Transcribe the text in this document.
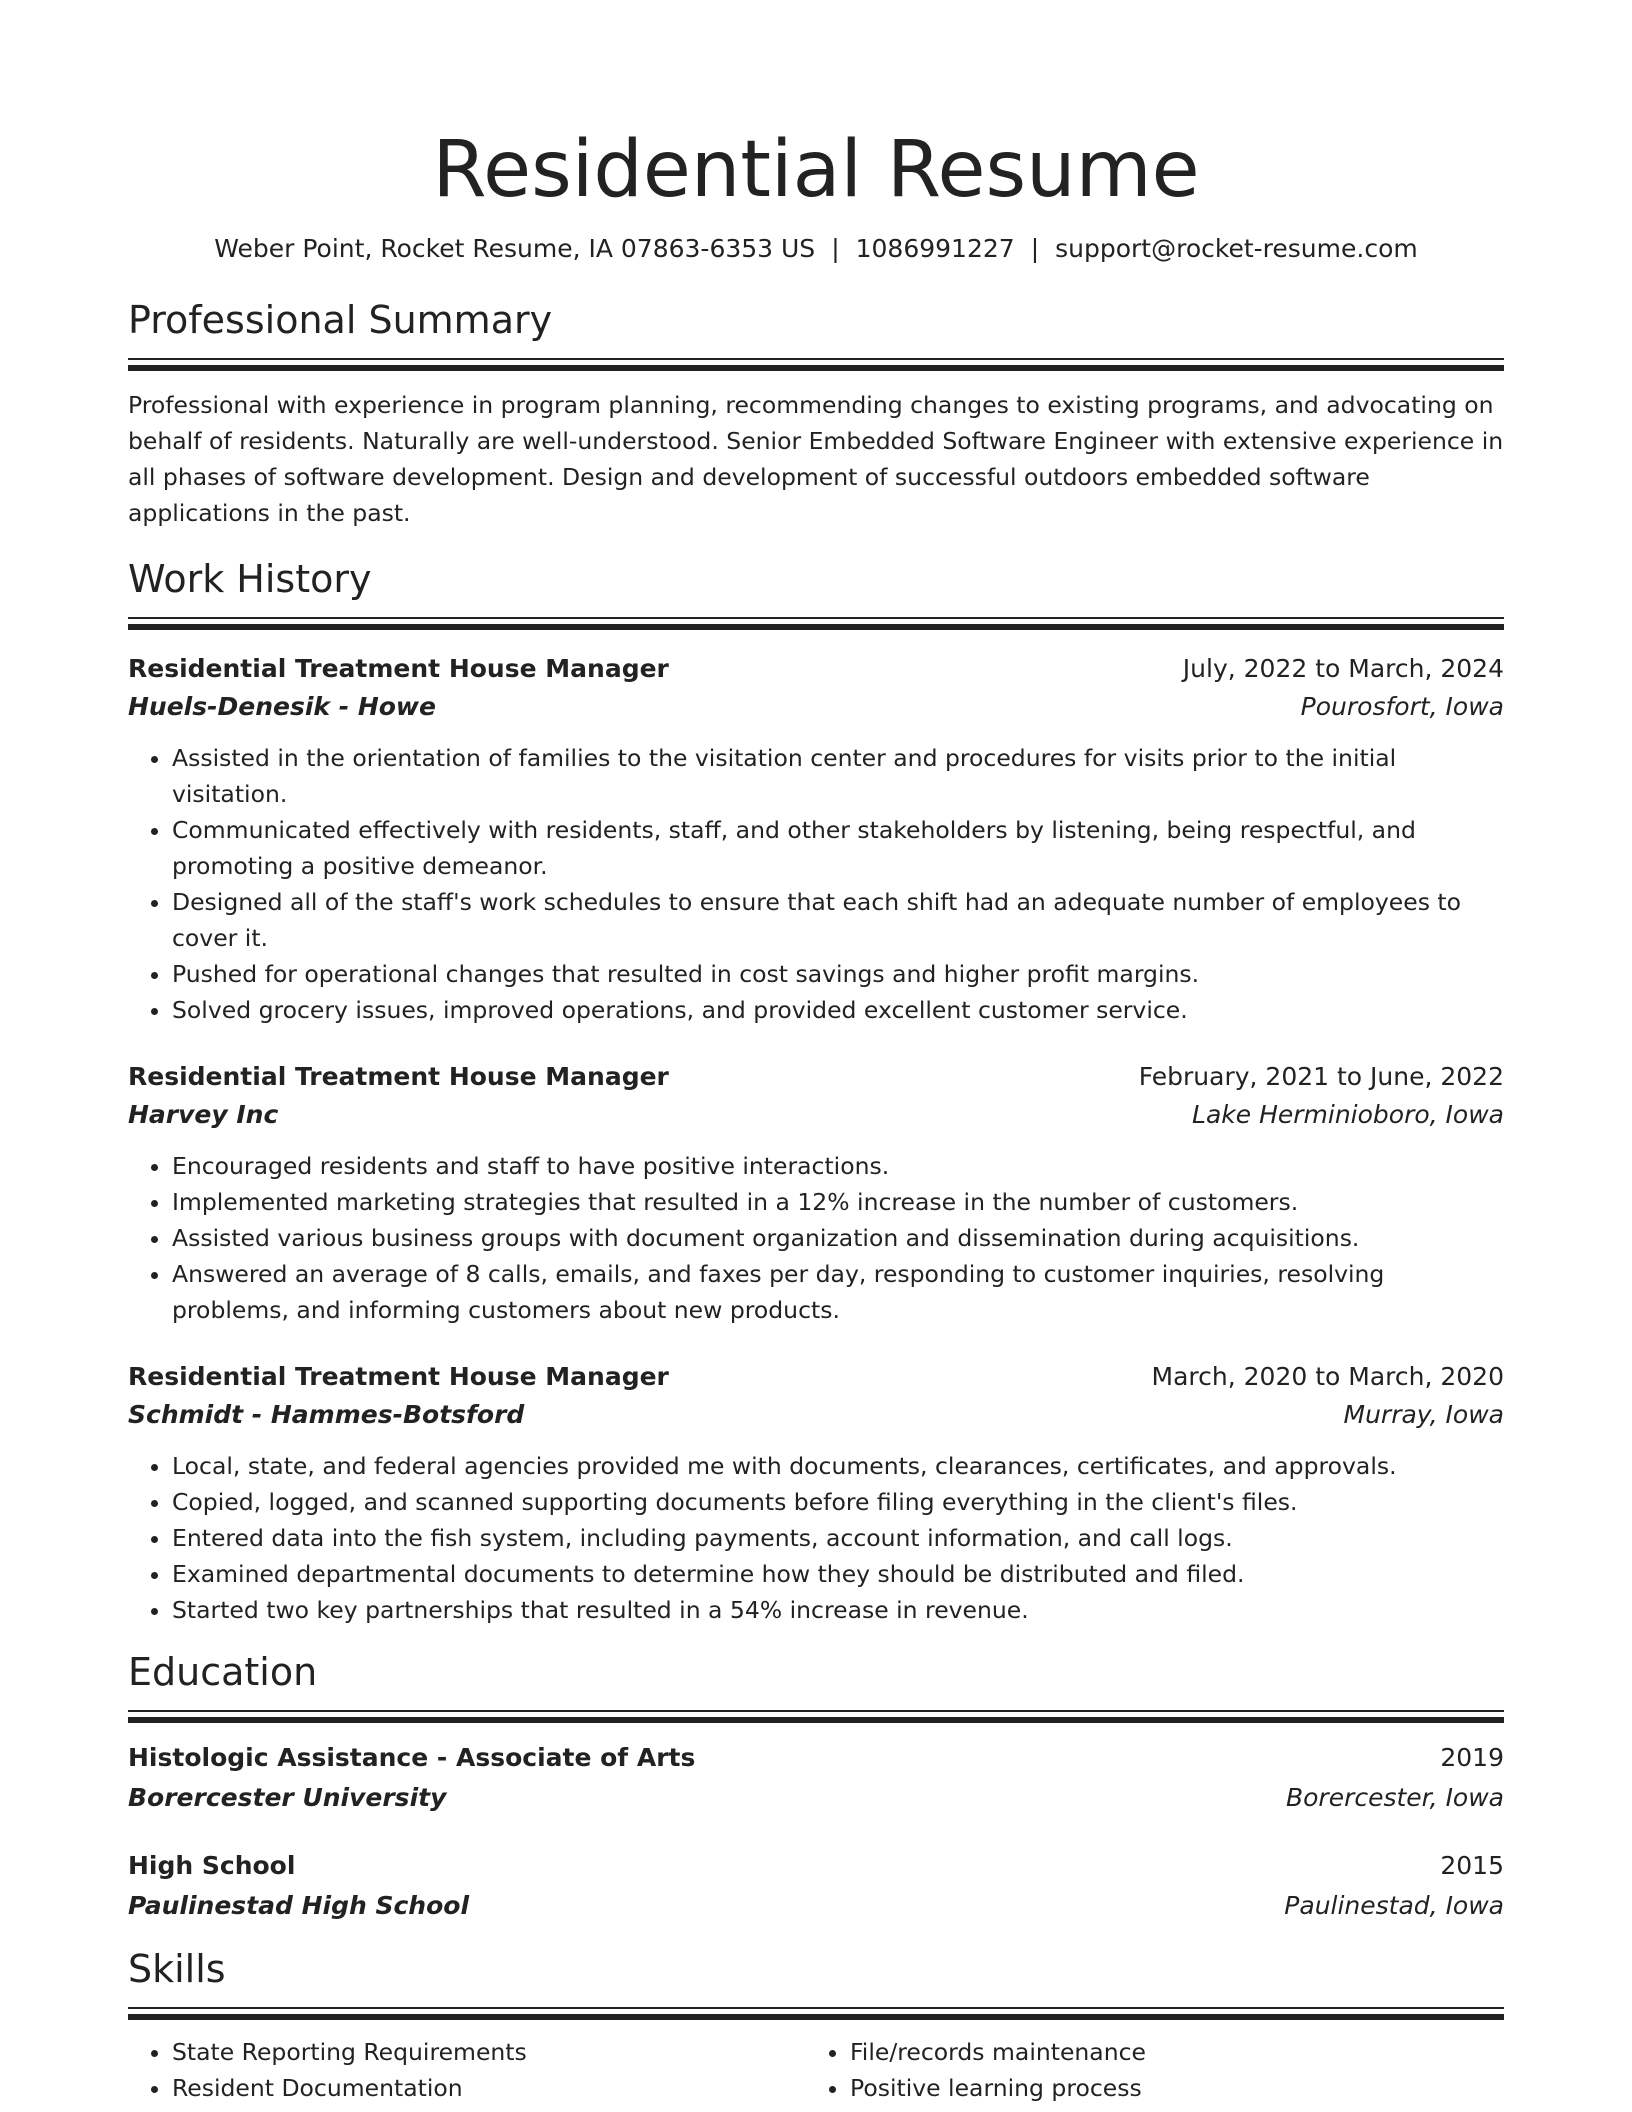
Residential Resume
Weber Point, Rocket Resume, IA 07863-6353 US | 1086991227 | support@rocket-resume.com
Professional Summary
Professional with experience in program planning, recommending changes to existing programs, and advocating on behalf of residents. Naturally are well-understood. Senior Embedded Software Engineer with extensive experience in all phases of software development. Design and development of successful outdoors embedded software applications in the past.
Work History
Residential Treatment House Manager	July, 2022 to March, 2024
Huels-Denesik - Howe	Pourosfort, Iowa
• Assisted in the orientation of families to the visitation center and procedures for visits prior to the initial visitation.
• Communicated effectively with residents, staff, and other stakeholders by listening, being respectful, and promoting a positive demeanor.
• Designed all of the staff's work schedules to ensure that each shift had an adequate number of employees to cover it.
• Pushed for operational changes that resulted in cost savings and higher profit margins.
• Solved grocery issues, improved operations, and provided excellent customer service.
Residential Treatment House Manager	February, 2021 to June, 2022
Harvey Inc	Lake Herminioboro, Iowa
• Encouraged residents and staff to have positive interactions.
• Implemented marketing strategies that resulted in a 12% increase in the number of customers.
• Assisted various business groups with document organization and dissemination during acquisitions.
• Answered an average of 8 calls, emails, and faxes per day, responding to customer inquiries, resolving problems, and informing customers about new products.
Residential Treatment House Manager	March, 2020 to March, 2020
Schmidt - Hammes-Botsford	Murray, Iowa
• Local, state, and federal agencies provided me with documents, clearances, certificates, and approvals.
• Copied, logged, and scanned supporting documents before filing everything in the client's files.
• Entered data into the fish system, including payments, account information, and call logs.
• Examined departmental documents to determine how they should be distributed and filed.
• Started two key partnerships that resulted in a 54% increase in revenue.
Education
Histologic Assistance - Associate of Arts	2019
Borercester University	Borercester, Iowa
High School	2015
Paulinestad High School	Paulinestad, Iowa
Skills
• State Reporting Requirements
• Resident Documentation
• File/records maintenance
• Positive learning process
